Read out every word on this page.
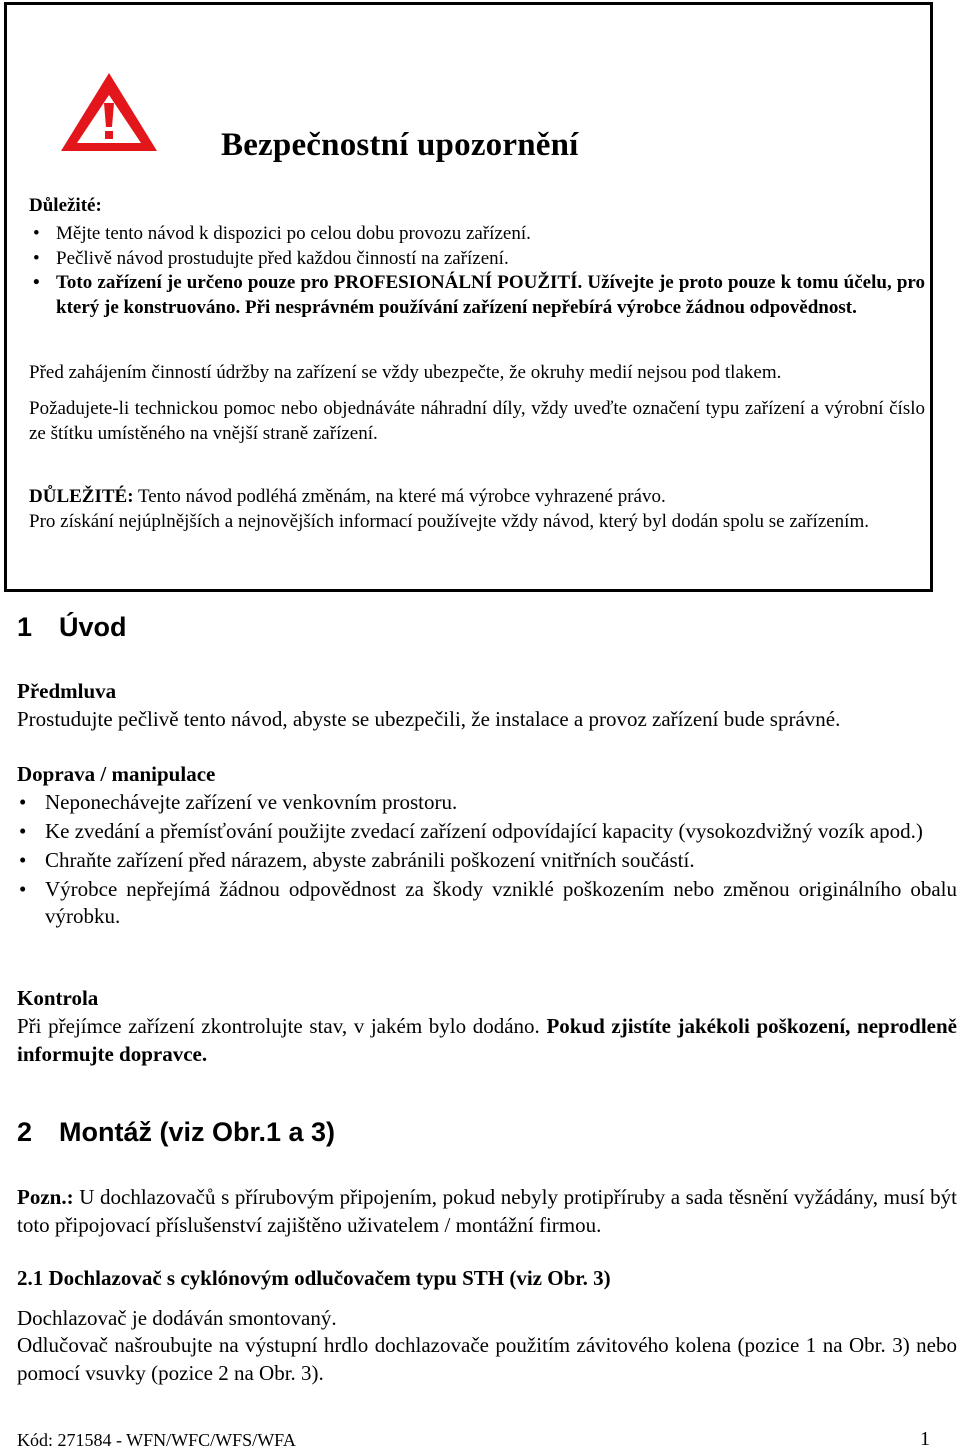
Bezpečnostní upozornění
Důležité:
• Mějte tento návod k dispozici po celou dobu provozu zařízení.
• Pečlivě návod prostudujte před každou činností na zařízení.
• Toto zařízení je určeno pouze pro PROFESIONÁLNÍ POUŽITÍ. Užívejte je proto pouze k tomu účelu, pro který je konstruováno. Při nesprávném používání zařízení nepřebírá výrobce žádnou odpovědnost.

Před zahájením činností údržby na zařízení se vždy ubezpečte, že okruhy medií nejsou pod tlakem.

Požadujete-li technickou pomoc nebo objednáváte náhradní díly, vždy uveďte označení typu zařízení a výrobní číslo ze štítku umístěného na vnější straně zařízení.

DŮLEŽITÉ: Tento návod podléhá změnám, na které má výrobce vyhrazené právo.

Pro získání nejúplnějších a nejnovějších informací používejte vždy návod, který byl dodán spolu se zařízením.

1 Úvod
Předmluva

Prostudujte pečlivě tento návod, abyste se ubezpečili, že instalace a provoz zařízení bude správné.

Doprava / manipulace
• Neponechávejte zařízení ve venkovním prostoru.
• Ke zvedání a přemísťování použijte zvedací zařízení odpovídající kapacity (vysokozdvižný vozík apod.)
• Chraňte zařízení před nárazem, abyste zabránili poškození vnitřních součástí.
• Výrobce nepřejímá žádnou odpovědnost za škody vzniklé poškozením nebo změnou originálního obalu výrobku.
Kontrola

Při přejímce zařízení zkontrolujte stav, v jakém bylo dodáno. Pokud zjistíte jakékoli poškození, neprodleně informujte dopravce.

2 Montáž (viz Obr.1 a 3)

Pozn.: U dochlazovačů s přírubovým připojením, pokud nebyly protipříruby a sada těsnění vyžádány, musí být toto připojovací příslušenství zajištěno uživatelem / montážní firmou.

2.1 Dochlazovač s cyklónovým odlučovačem typu STH (viz Obr. 3)

Dochlazovač je dodáván smontovaný.

Odlučovač našroubujte na výstupní hrdlo dochlazovače použitím závitového kolena (pozice 1 na Obr. 3) nebo pomocí vsuvky (pozice 2 na Obr. 3).

Kód: 271584 - WFN/WFC/WFS/WFA	1
